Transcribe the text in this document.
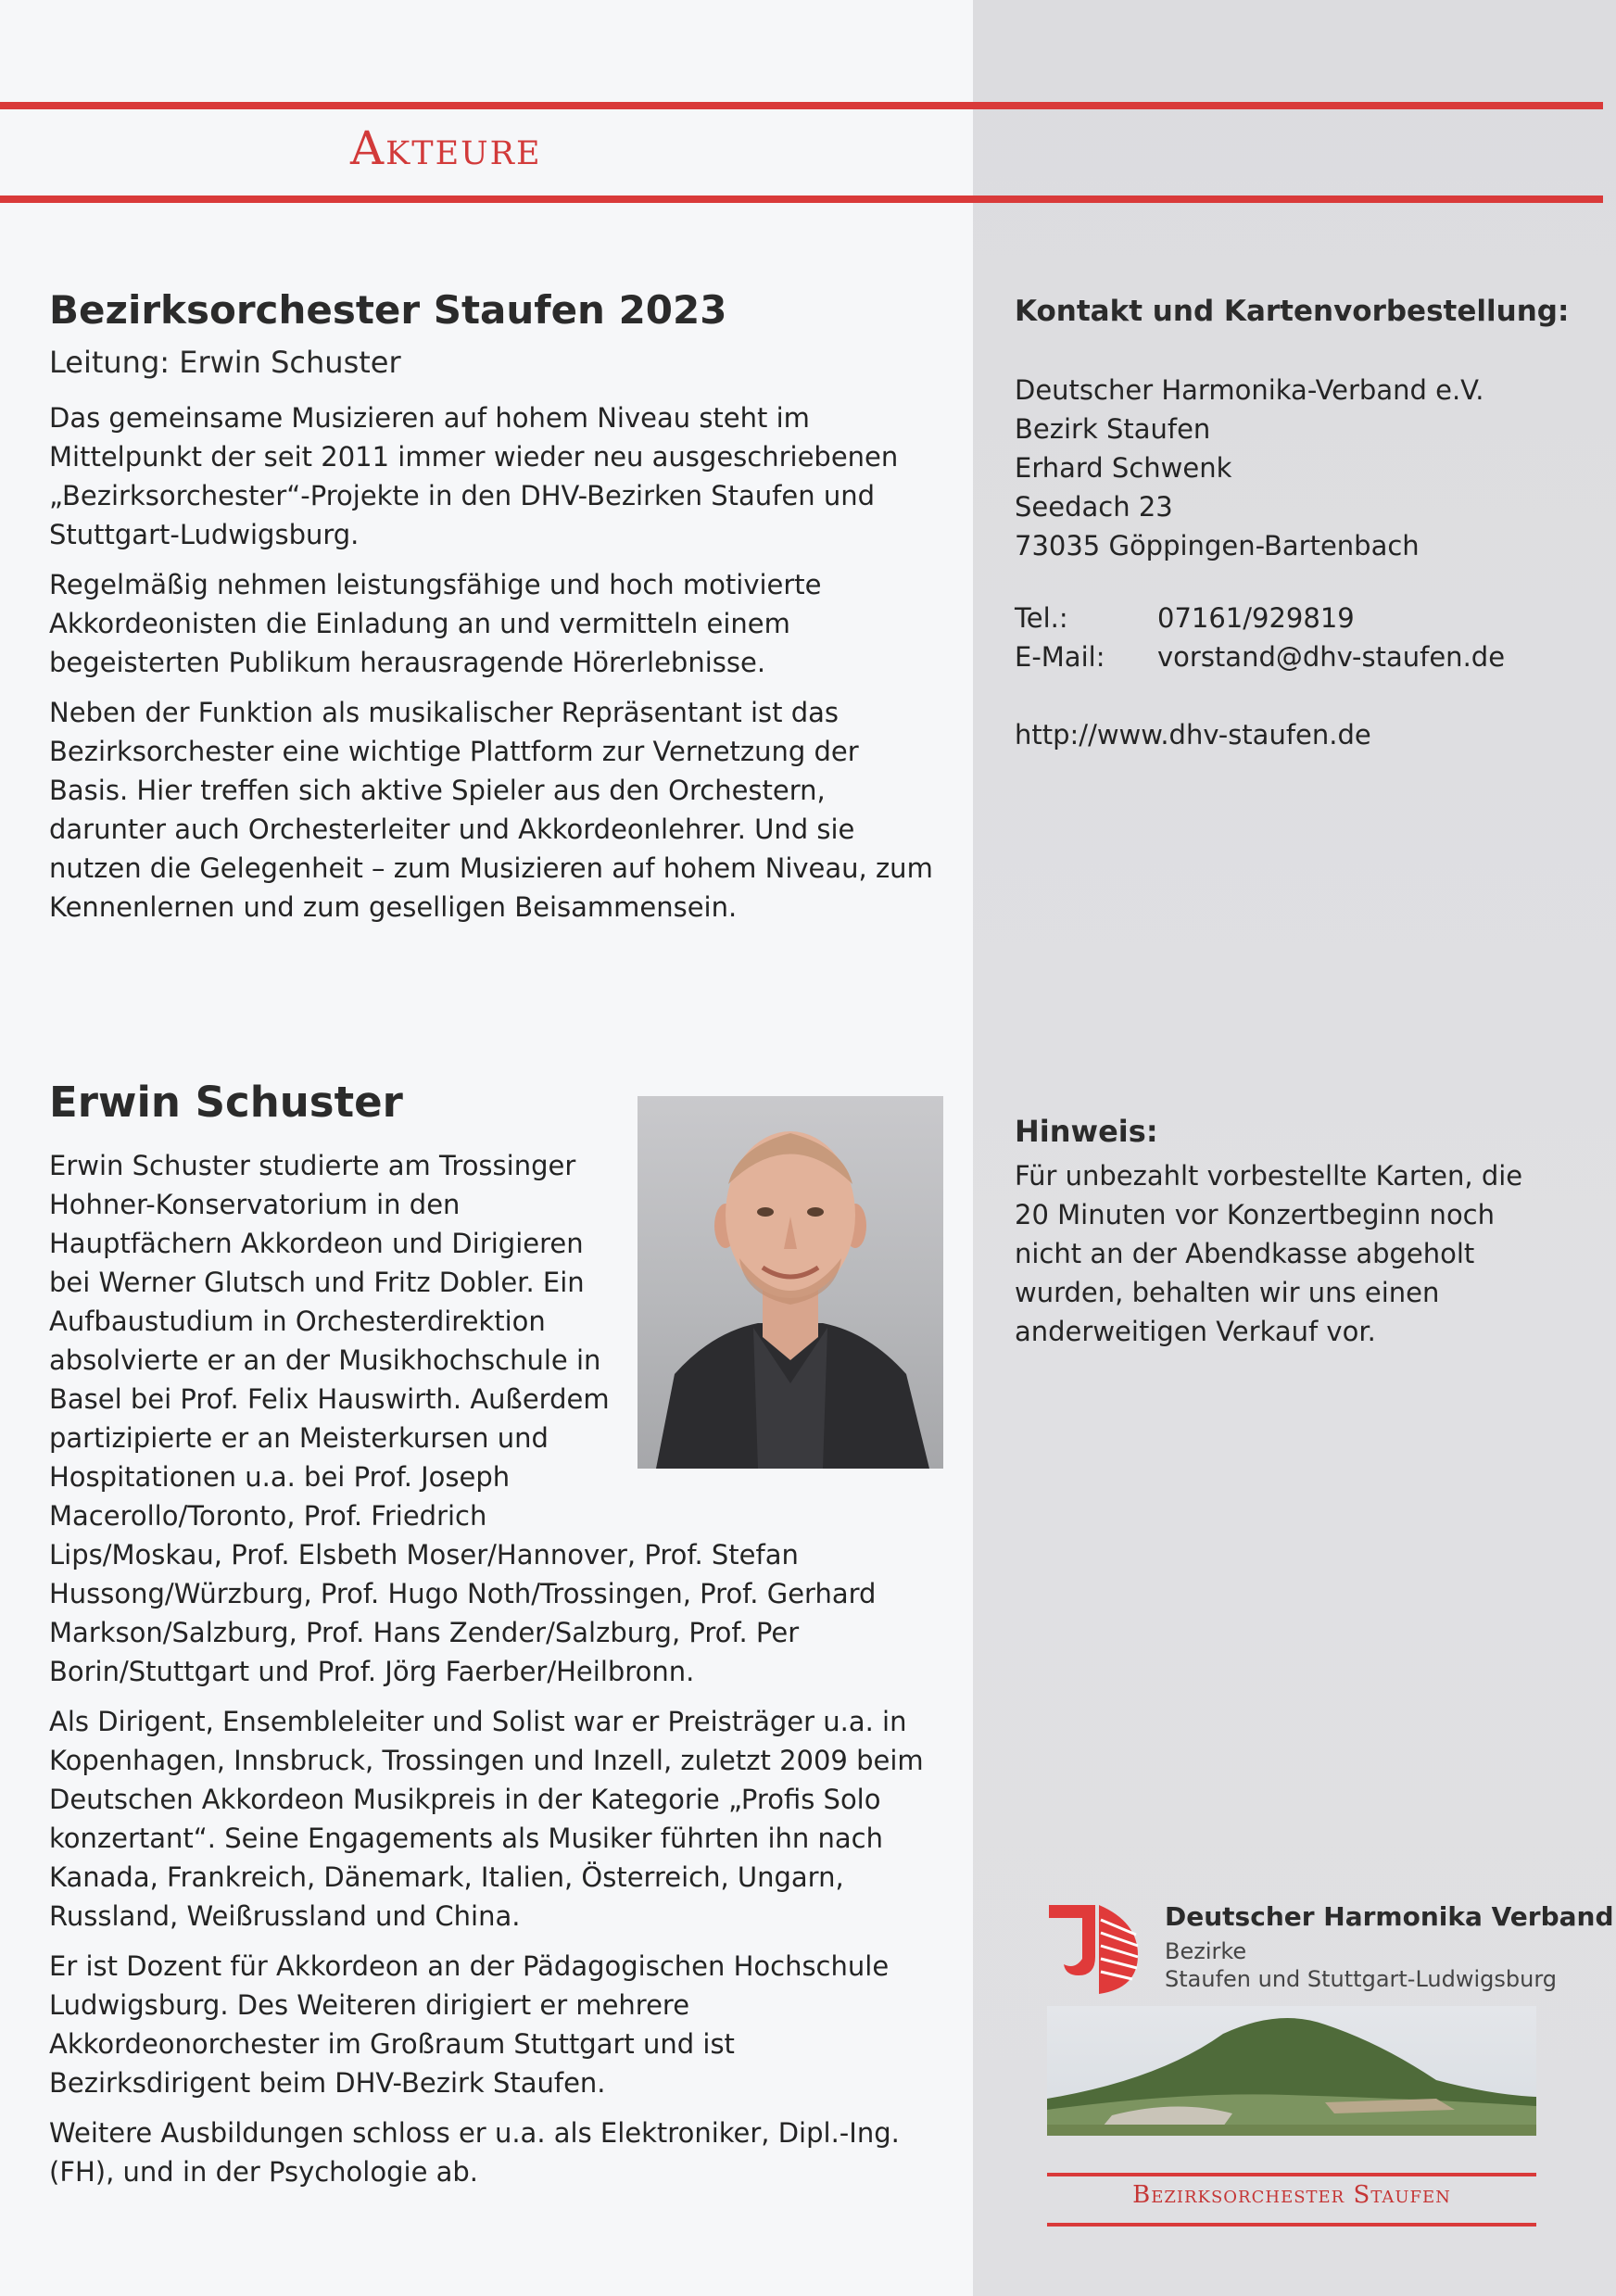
Akteure
Bezirksorchester Staufen 2023
Leitung: Erwin Schuster

Das gemeinsame Musizieren auf hohem Niveau steht im Mittelpunkt der seit 2011 immer wieder neu ausgeschriebenen „Bezirksorchester“-Projekte in den DHV-Bezirken Staufen und Stuttgart-Ludwigsburg.

Regelmäßig nehmen leistungsfähige und hoch motivierte Akkordeonisten die Einladung an und vermitteln einem begeisterten Publikum herausragende Hörerlebnisse.

Neben der Funktion als musikalischer Repräsentant ist das Bezirksorchester eine wichtige Plattform zur Vernetzung der Basis. Hier treffen sich aktive Spieler aus den Orchestern, darunter auch Orchesterleiter und Akkordeonlehrer. Und sie nutzen die Gelegenheit – zum Musizieren auf hohem Niveau, zum Kennenlernen und zum geselligen Beisammensein.

Erwin Schuster

Erwin Schuster studierte am Trossinger Hohner-Konservatorium in den Hauptfächern Akkordeon und Dirigieren bei Werner Glutsch und Fritz Dobler. Ein Aufbaustudium in Orchesterdirektion absolvierte er an der Musikhochschule in Basel bei Prof. Felix Hauswirth. Außerdem partizipierte er an Meisterkursen und Hospitationen u.a. bei Prof. Joseph Macerollo/Toronto, Prof. Friedrich Lips/Moskau, Prof. Elsbeth Moser/Hannover, Prof. Stefan Hussong/Würzburg, Prof. Hugo Noth/Trossingen, Prof. Gerhard Markson/Salzburg, Prof. Hans Zender/Salzburg, Prof. Per Borin/Stuttgart und Prof. Jörg Faerber/Heilbronn.

Als Dirigent, Ensembleleiter und Solist war er Preisträger u.a. in Kopenhagen, Innsbruck, Trossingen und Inzell, zuletzt 2009 beim Deutschen Akkordeon Musikpreis in der Kategorie „Profis Solo konzertant“. Seine Engagements als Musiker führten ihn nach Kanada, Frankreich, Dänemark, Italien, Österreich, Ungarn, Russland, Weißrussland und China.

Er ist Dozent für Akkordeon an der Pädagogischen Hochschule Ludwigsburg. Des Weiteren dirigiert er mehrere Akkordeonorchester im Großraum Stuttgart und ist Bezirksdirigent beim DHV-Bezirk Staufen.

Weitere Ausbildungen schloss er u.a. als Elektroniker, Dipl.-Ing. (FH), und in der Psychologie ab.

Kontakt und Kartenvorbestellung:
Deutscher Harmonika-Verband e.V.
Bezirk Staufen
Erhard Schwenk
Seedach 23
73035 Göppingen-Bartenbach
Tel.:	07161/929819
E-Mail:	vorstand@dhv-staufen.de
http://www.dhv-staufen.de
Hinweis:
Für unbezahlt vorbestellte Karten, die 20 Minuten vor Konzertbeginn noch nicht an der Abendkasse abgeholt wurden, behalten wir uns einen anderweitigen Verkauf vor.
Deutscher Harmonika Verband
Bezirke
Staufen und Stuttgart-Ludwigsburg
Bezirksorchester Staufen
